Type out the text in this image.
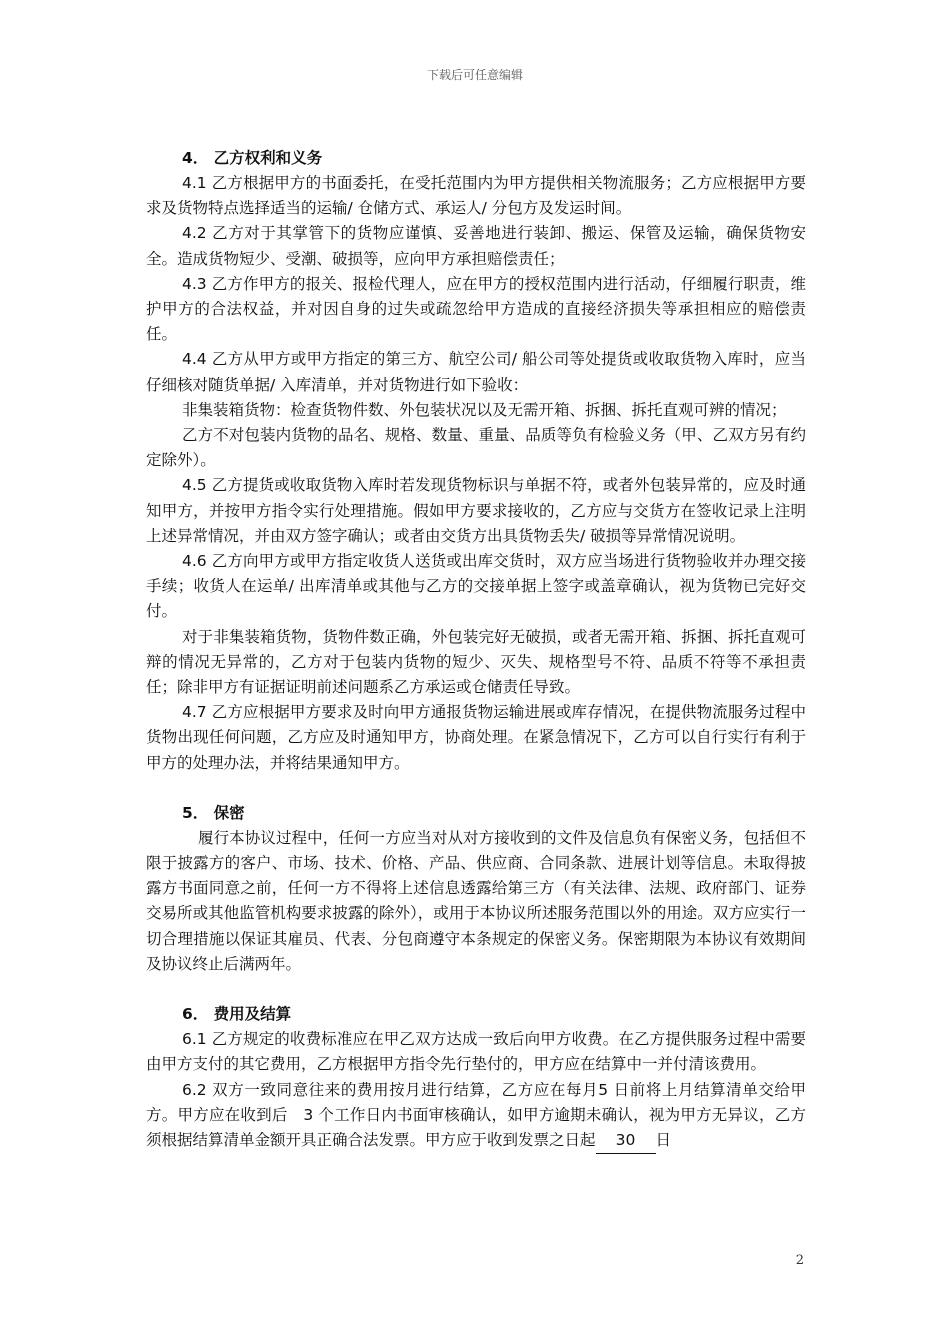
下载后可任意编辑
4． 乙方权利和义务

4.1 乙方根据甲方的书面委托，在受托范围内为甲方提供相关物流服务；乙方应根据甲方要求及货物特点选择适当的运输/ 仓储方式、承运人/ 分包方及发运时间。

4.2 乙方对于其掌管下的货物应谨慎、妥善地进行装卸、搬运、保管及运输，确保货物安全。造成货物短少、受潮、破损等，应向甲方承担赔偿责任；

4.3 乙方作甲方的报关、报检代理人，应在甲方的授权范围内进行活动，仔细履行职责，维护甲方的合法权益，并对因自身的过失或疏忽给甲方造成的直接经济损失等承担相应的赔偿责任。

4.4 乙方从甲方或甲方指定的第三方、航空公司/ 船公司等处提货或收取货物入库时，应当仔细核对随货单据/ 入库清单，并对货物进行如下验收：

非集装箱货物：检查货物件数、外包装状况以及无需开箱、拆捆、拆托直观可辨的情况；

乙方不对包装内货物的品名、规格、数量、重量、品质等负有检验义务（甲、乙双方另有约定除外）。

4.5 乙方提货或收取货物入库时若发现货物标识与单据不符，或者外包装异常的，应及时通知甲方，并按甲方指令实行处理措施。假如甲方要求接收的，乙方应与交货方在签收记录上注明上述异常情况，并由双方签字确认；或者由交货方出具货物丢失/ 破损等异常情况说明。

4.6 乙方向甲方或甲方指定收货人送货或出库交货时，双方应当场进行货物验收并办理交接手续；收货人在运单/ 出库清单或其他与乙方的交接单据上签字或盖章确认，视为货物已完好交付。

对于非集装箱货物，货物件数正确，外包装完好无破损，或者无需开箱、拆捆、拆托直观可辩的情况无异常的，乙方对于包装内货物的短少、灭失、规格型号不符、品质不符等不承担责任；除非甲方有证据证明前述问题系乙方承运或仓储责任导致。

4.7 乙方应根据甲方要求及时向甲方通报货物运输进展或库存情况，在提供物流服务过程中货物出现任何问题，乙方应及时通知甲方，协商处理。在紧急情况下，乙方可以自行实行有利于甲方的处理办法，并将结果通知甲方。

5． 保密

履行本协议过程中，任何一方应当对从对方接收到的文件及信息负有保密义务，包括但不限于披露方的客户、市场、技术、价格、产品、供应商、合同条款、进展计划等信息。未取得披露方书面同意之前，任何一方不得将上述信息透露给第三方（有关法律、法规、政府部门、证券交易所或其他监管机构要求披露的除外），或用于本协议所述服务范围以外的用途。双方应实行一切合理措施以保证其雇员、代表、分包商遵守本条规定的保密义务。保密期限为本协议有效期间及协议终止后满两年。

6． 费用及结算

6.1 乙方规定的收费标准应在甲乙双方达成一致后向甲方收费。在乙方提供服务过程中需要由甲方支付的其它费用，乙方根据甲方指令先行垫付的，甲方应在结算中一并付清该费用。

6.2 双方一致同意往来的费用按月进行结算，乙方应在每月5 日前将上月结算清单交给甲方。甲方应在收到后　3 个工作日内书面审核确认，如甲方逾期未确认，视为甲方无异议，乙方须根据结算清单金额开具正确合法发票。甲方应于收到发票之日起 30 日

2
